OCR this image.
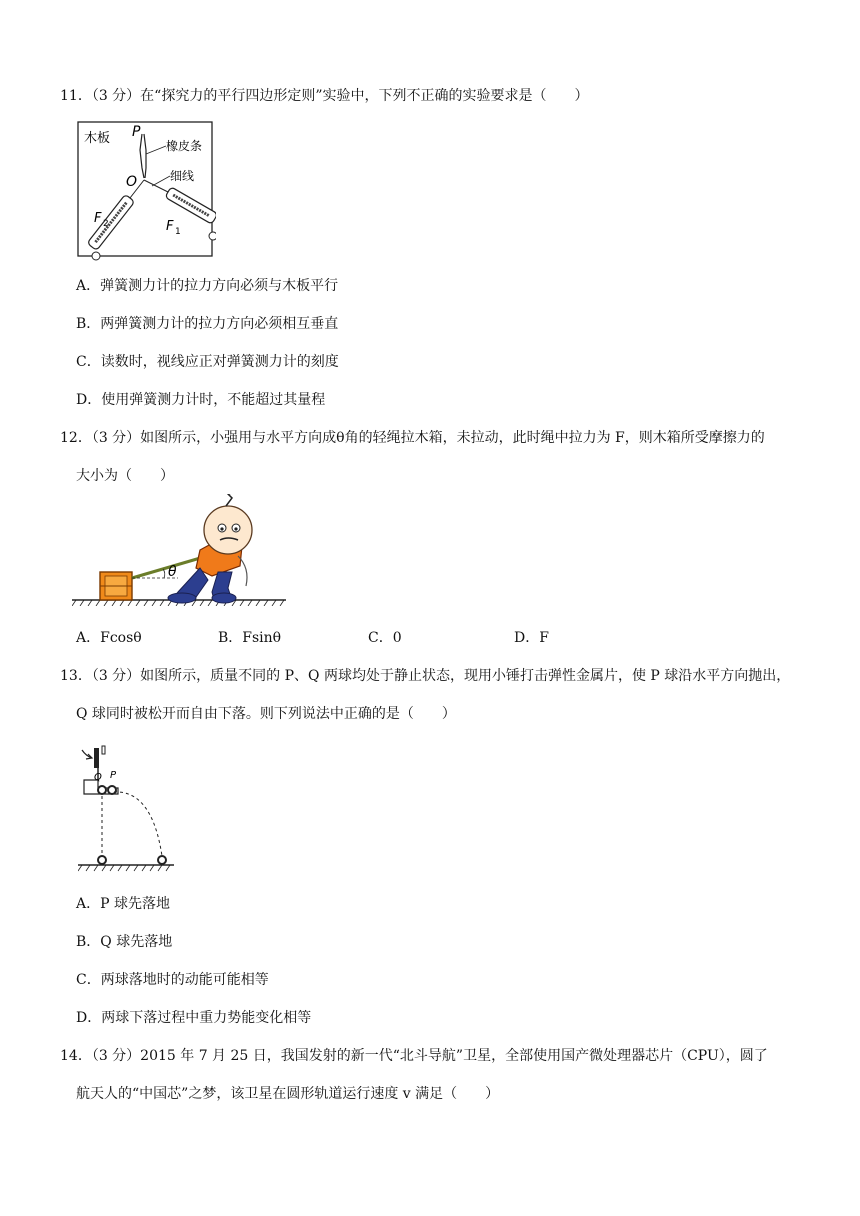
11．（3 分）在“探究力的平行四边形定则”实验中，下列不正确的实验要求是（　　）
木板 P
橡皮条
O	细线
F 2	F 1
A．弹簧测力计的拉力方向必须与木板平行
B．两弹簧测力计的拉力方向必须相互垂直
C．读数时，视线应正对弹簧测力计的刻度
D．使用弹簧测力计时，不能超过其量程
12．（3 分）如图所示，小强用与水平方向成θ角的轻绳拉木箱，未拉动，此时绳中拉力为 F，则木箱所受摩擦力的
大小为（　　）
θ
A．Fcosθ	B．Fsinθ	C．0	D．F
13．（3 分）如图所示，质量不同的 P、Q 两球均处于静止状态，现用小锤打击弹性金属片，使 P 球沿水平方向抛出，
Q 球同时被松开而自由下落。则下列说法中正确的是（　　）
Q P
A．P 球先落地
B．Q 球先落地
C．两球落地时的动能可能相等
D．两球下落过程中重力势能变化相等
14．（3 分）2015 年 7 月 25 日，我国发射的新一代“北斗导航”卫星，全部使用国产微处理器芯片（CPU），圆了
航天人的“中国芯”之梦，该卫星在圆形轨道运行速度 v 满足（　　）
